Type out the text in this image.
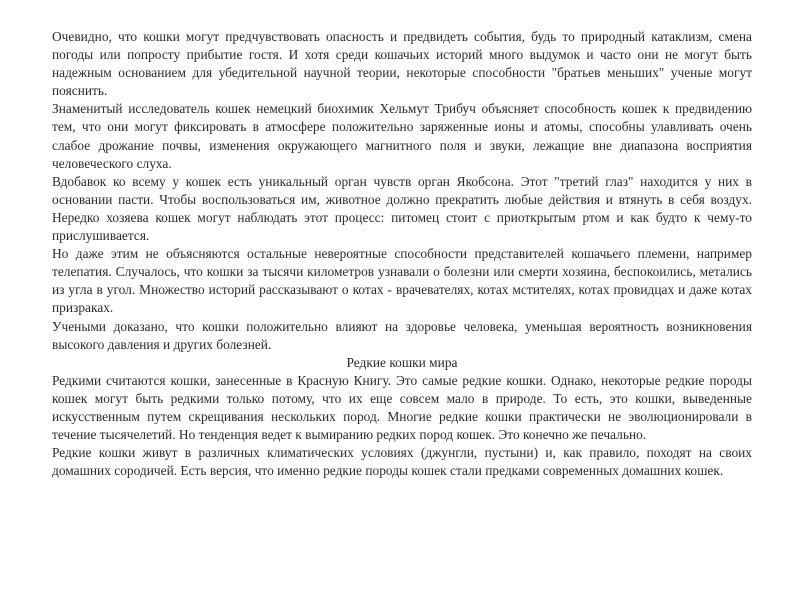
Очевидно, что кошки могут предчувствовать опасность и предвидеть события, будь то природный катаклизм, смена погоды или попросту прибытие гостя. И хотя среди кошачьих историй много выдумок и часто они не могут быть надежным основанием для убедительной научной теории, некоторые способности "братьев меньших" ученые могут пояснить.

Знаменитый исследователь кошек немецкий биохимик Хельмут Трибуч объясняет способность кошек к предвидению тем, что они могут фиксировать в атмосфере положительно заряженные ионы и атомы, способны улавливать очень слабое дрожание почвы, изменения окружающего магнитного поля и звуки, лежащие вне диапазона восприятия человеческого слуха.

Вдобавок ко всему у кошек есть уникальный орган чувств орган Якобсона. Этот "третий глаз" находится у них в основании пасти. Чтобы воспользоваться им, животное должно прекратить любые действия и втянуть в себя воздух. Нередко хозяева кошек могут наблюдать этот процесс: питомец стоит с приоткрытым ртом и как будто к чему-то прислушивается.

Но даже этим не объясняются остальные невероятные способности представителей кошачьего племени, например телепатия. Случалось, что кошки за тысячи километров узнавали о болезни или смерти хозяина, беспокоились, метались из угла в угол. Множество историй рассказывают о котах - врачевателях, котах мстителях, котах провидцах и даже котах призраках.

Учеными доказано, что кошки положительно влияют на здоровье человека, уменьшая вероятность возникновения высокого давления и других болезней.

Редкие кошки мира

Редкими считаются кошки, занесенные в Красную Книгу. Это самые редкие кошки. Однако, некоторые редкие породы кошек могут быть редкими только потому, что их еще совсем мало в природе. То есть, это кошки, выведенные искусственным путем скрещивания нескольких пород. Многие редкие кошки практически не эволюционировали в течение тысячелетий. Но тенденция ведет к вымиранию редких пород кошек. Это конечно же печально.

Редкие кошки живут в различных климатических условиях (джунгли, пустыни) и, как правило, походят на своих домашних сородичей. Есть версия, что именно редкие породы кошек стали предками современных домашних кошек.
